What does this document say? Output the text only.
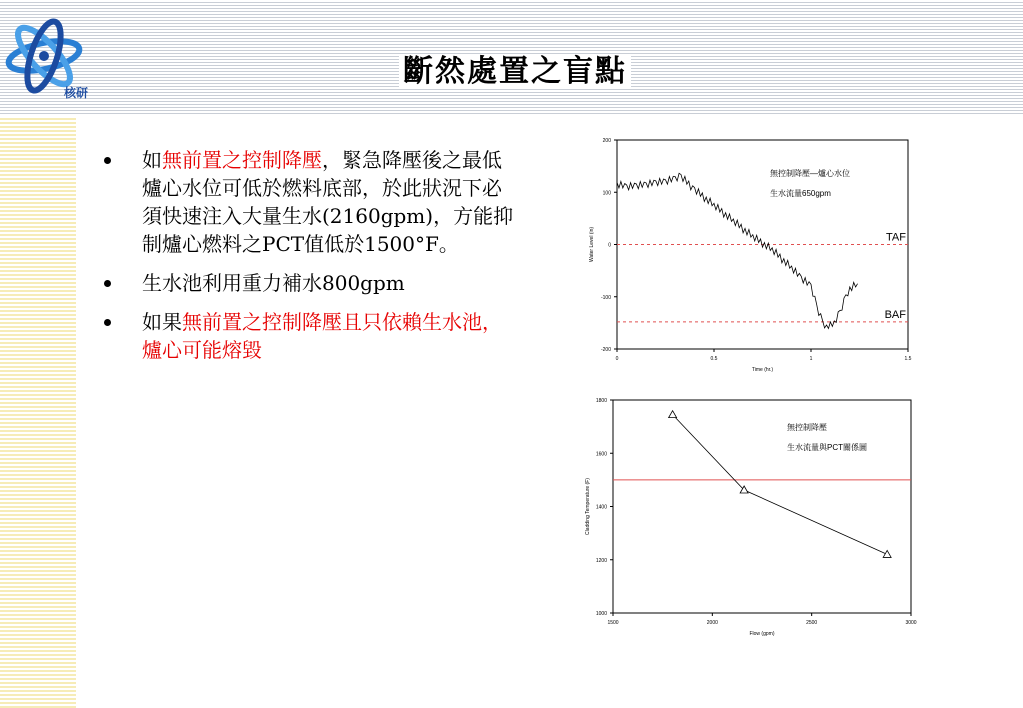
核研
斷然處置之盲點
如無前置之控制降壓，緊急降壓後之最低爐心水位可低於燃料底部，於此狀況下必須快速注入大量生水(2160gpm)，方能抑制爐心燃料之PCT值低於1500°F。
生水池利用重力補水800gpm
如果無前置之控制降壓且只依賴生水池，爐心可能熔毀
200
100
0
-100
-200
0	0.5	1	1.5
Time (hr.)
Water Level (in)	TAF
BAF
無控制降壓—爐心水位
生水流量650gpm
1800
1600
1400
1200
1000
1500	2000	2500	3000
Flow (gpm)
Cladding Temperature (F)
無控制降壓
生水流量與PCT關係圖
